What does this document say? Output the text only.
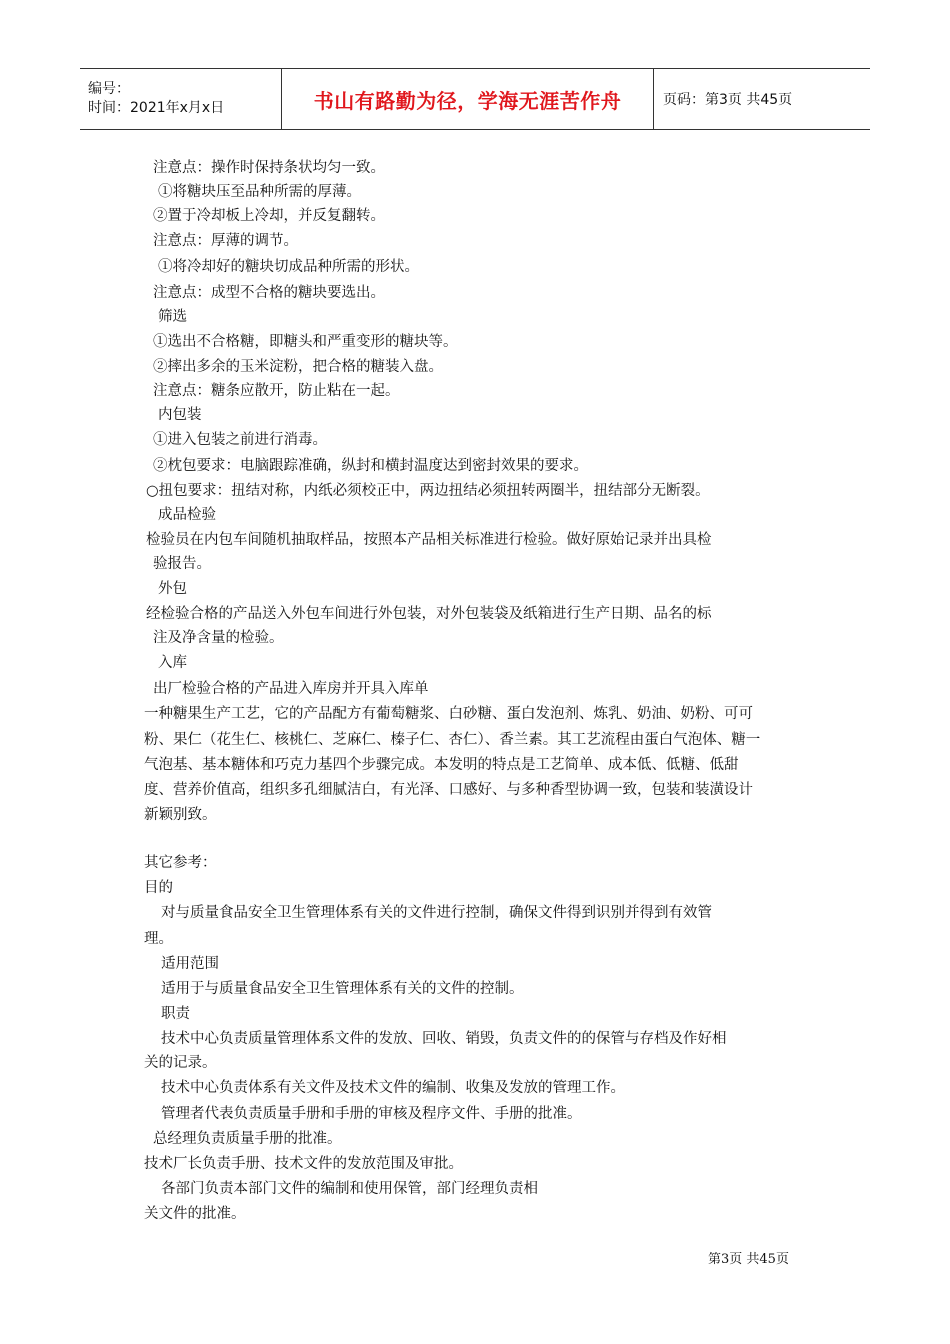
编号：
时间：2021年x月x日	书山有路勤为径，学海无涯苦作舟	页码：第3页 共45页
注意点：操作时保持条状均匀一致。
①将糖块压至品种所需的厚薄。
②置于冷却板上冷却，并反复翻转。
注意点：厚薄的调节。
①将冷却好的糖块切成品种所需的形状。
注意点：成型不合格的糖块要选出。
筛选
①选出不合格糖，即糖头和严重变形的糖块等。
②摔出多余的玉米淀粉，把合格的糖装入盘。
注意点：糖条应散开，防止粘在一起。
内包装
①进入包装之前进行消毒。
②枕包要求：电脑跟踪准确，纵封和横封温度达到密封效果的要求。
○扭包要求：扭结对称，内纸必须校正中，两边扭结必须扭转两圈半，扭结部分无断裂。
成品检验
检验员在内包车间随机抽取样品，按照本产品相关标准进行检验。做好原始记录并出具检
验报告。
外包
经检验合格的产品送入外包车间进行外包装，对外包装袋及纸箱进行生产日期、品名的标
注及净含量的检验。
入库
出厂检验合格的产品进入库房并开具入库单
一种糖果生产工艺，它的产品配方有葡萄糖浆、白砂糖、蛋白发泡剂、炼乳、奶油、奶粉、可可
粉、果仁（花生仁、核桃仁、芝麻仁、榛子仁、杏仁）、香兰素。其工艺流程由蛋白气泡体、糖一
气泡基、基本糖体和巧克力基四个步骤完成。本发明的特点是工艺简单、成本低、低糖、低甜
度、营养价值高，组织多孔细腻洁白，有光泽、口感好、与多种香型协调一致，包装和装潢设计
新颖别致。
其它参考：
目的
对与质量食品安全卫生管理体系有关的文件进行控制，确保文件得到识别并得到有效管
理。
适用范围
适用于与质量食品安全卫生管理体系有关的文件的控制。
职责
技术中心负责质量管理体系文件的发放、回收、销毁，负责文件的的保管与存档及作好相
关的记录。
技术中心负责体系有关文件及技术文件的编制、收集及发放的管理工作。
管理者代表负责质量手册和手册的审核及程序文件、手册的批准。
总经理负责质量手册的批准。
技术厂长负责手册、技术文件的发放范围及审批。
各部门负责本部门文件的编制和使用保管，部门经理负责相
关文件的批准。
第3页 共45页
